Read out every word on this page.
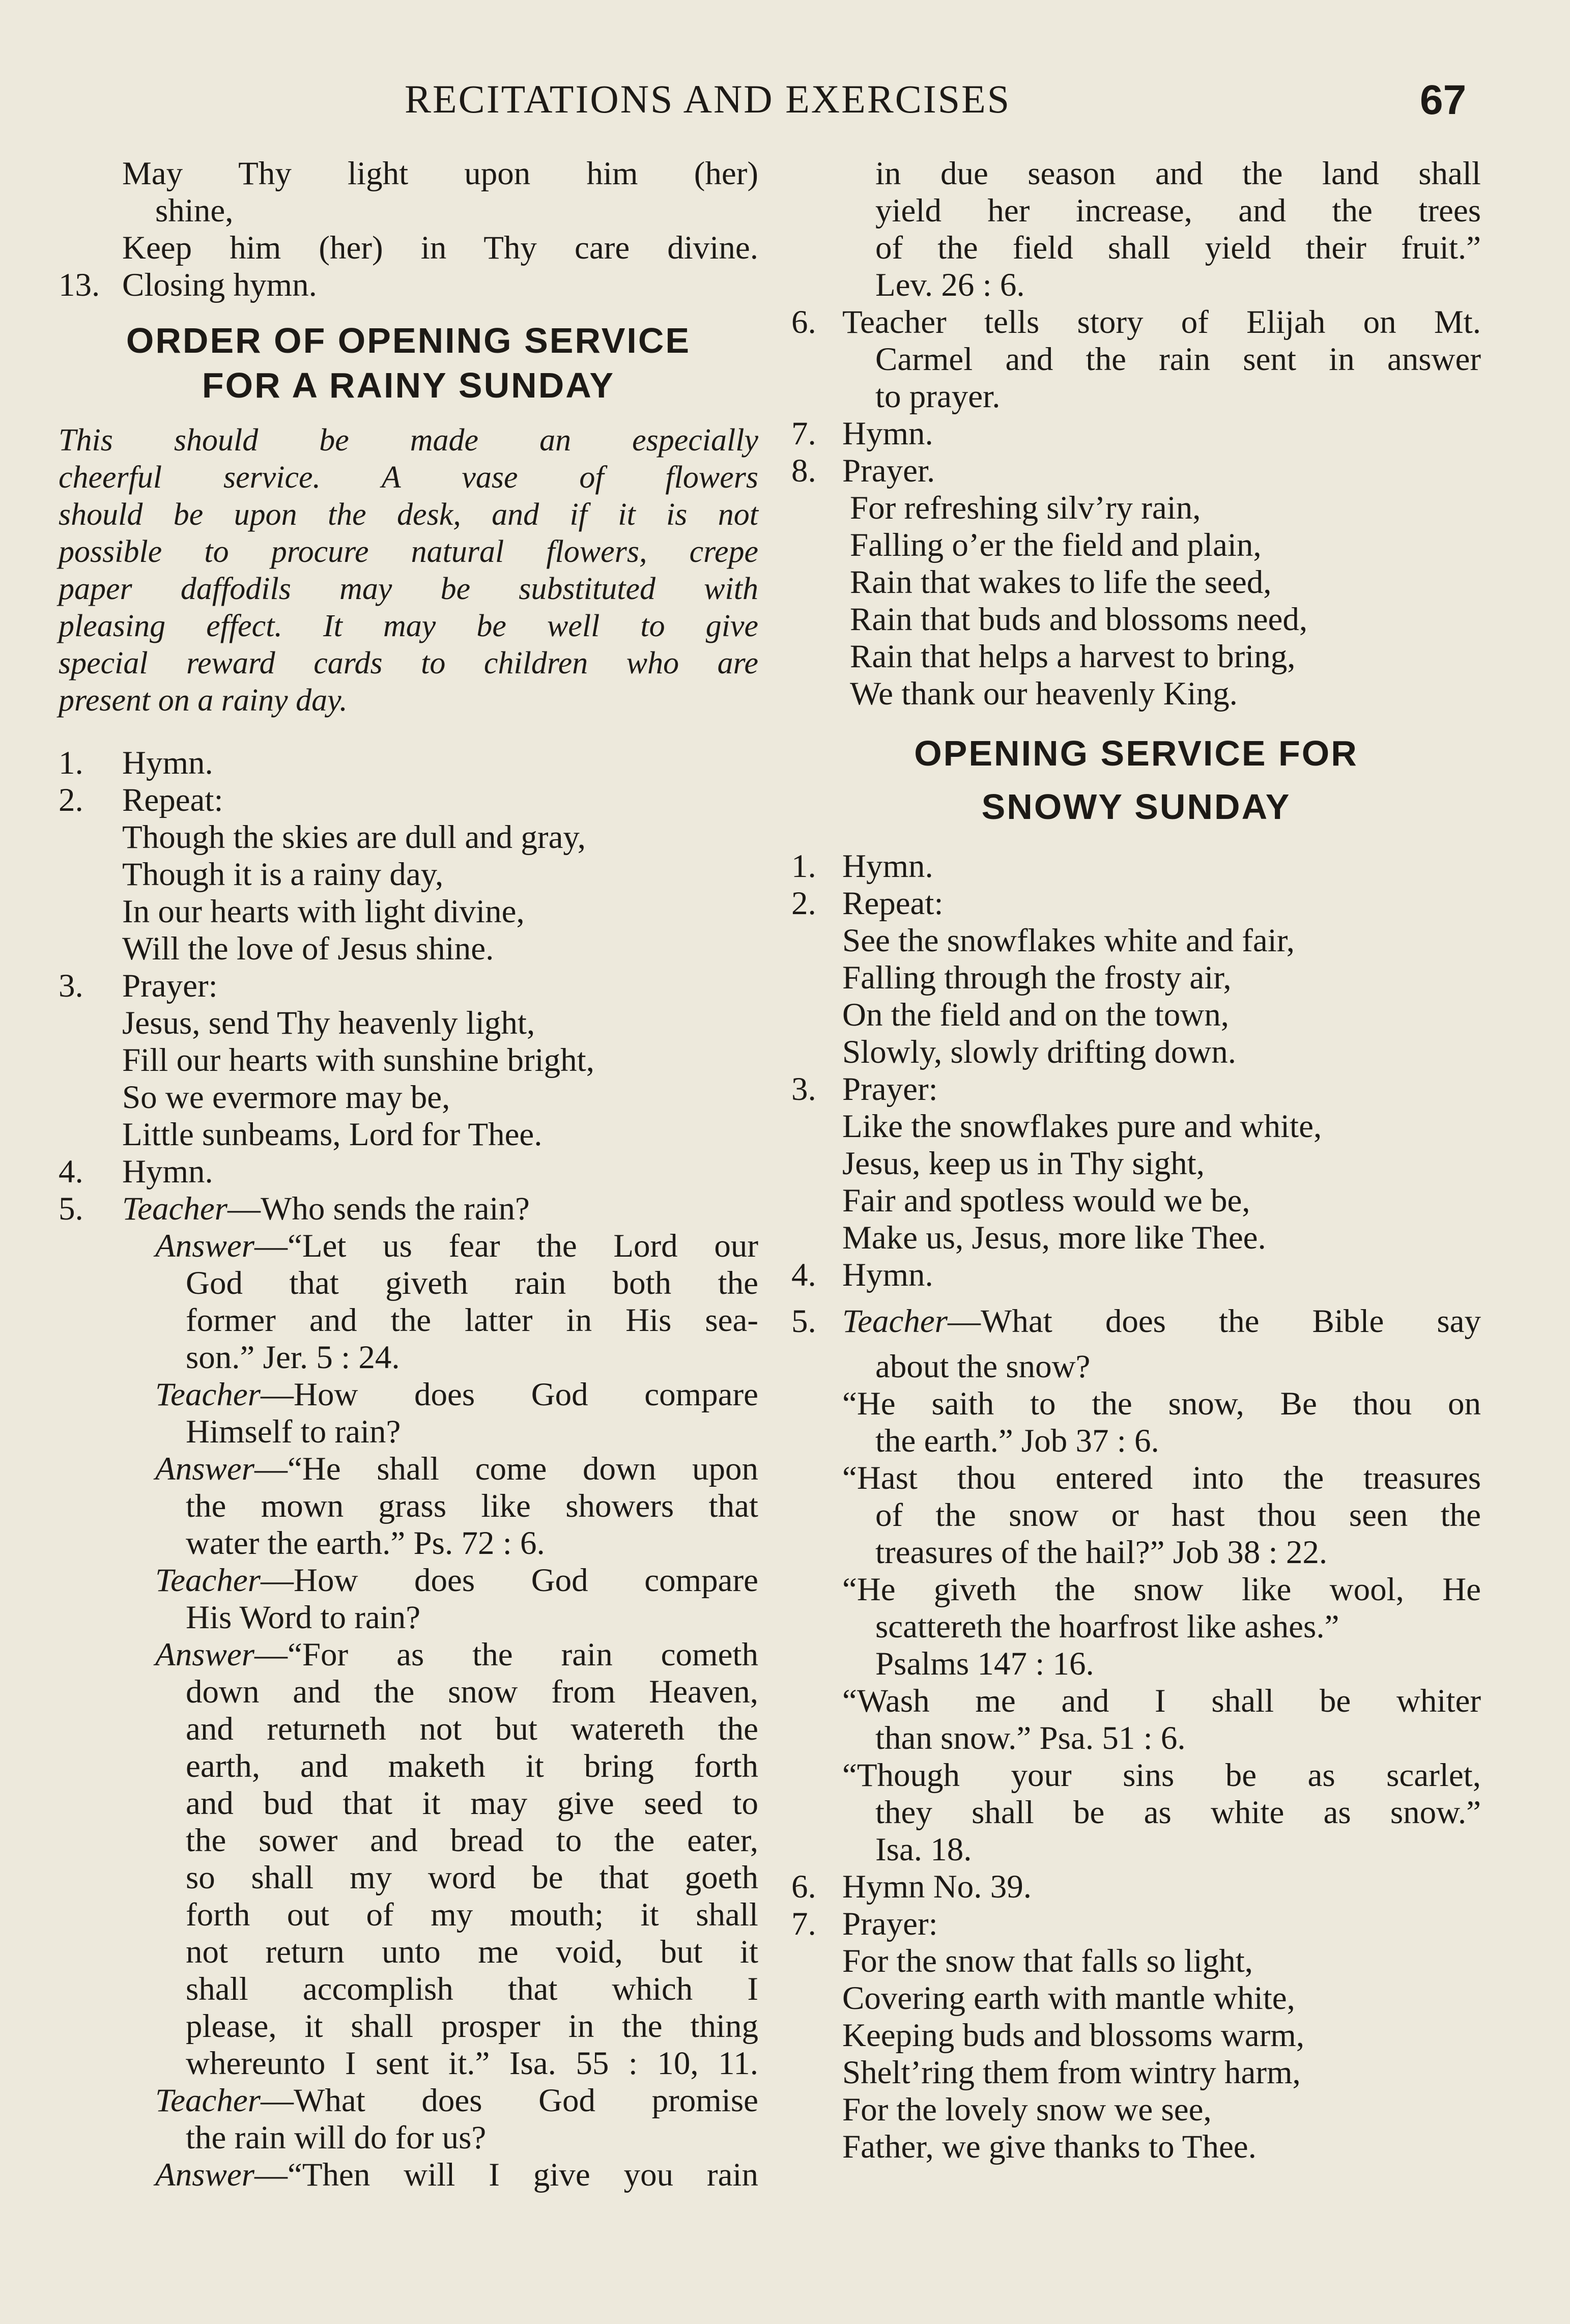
RECITATIONS AND EXERCISES	67

May Thy light upon him (her)

shine,

Keep him (her) in Thy care divine.

13. Closing hymn.
ORDER OF OPENING SERVICE
FOR A RAINY SUNDAY

This should be made an especially

cheerful service. A vase of flowers

should be upon the desk, and if it is not

possible to procure natural flowers, crepe

paper daffodils may be substituted with

pleasing effect. It may be well to give

special reward cards to children who are

present on a rainy day.

1. Hymn.
2. Repeat:

Though the skies are dull and gray,

Though it is a rainy day,

In our hearts with light divine,

Will the love of Jesus shine.

3. Prayer:

Jesus, send Thy heavenly light,

Fill our hearts with sunshine bright,

So we evermore may be,

Little sunbeams, Lord for Thee.

4. Hymn.
5. Teacher—Who sends the rain?

Answer—“Let us fear the Lord our

God that giveth rain both the

former and the latter in His sea-

son.” Jer. 5 : 24.

Teacher—How does God compare

Himself to rain?

Answer—“He shall come down upon

the mown grass like showers that

water the earth.” Ps. 72 : 6.

Teacher—How does God compare

His Word to rain?

Answer—“For as the rain cometh

down and the snow from Heaven,

and returneth not but watereth the

earth, and maketh it bring forth

and bud that it may give seed to

the sower and bread to the eater,

so shall my word be that goeth

forth out of my mouth; it shall

not return unto me void, but it

shall accomplish that which I

please, it shall prosper in the thing

whereunto I sent it.” Isa. 55 : 10, 11.

Teacher—What does God promise

the rain will do for us?

Answer—“Then will I give you rain

in due season and the land shall

yield her increase, and the trees

of the field shall yield their fruit.”

Lev. 26 : 6.

6. Teacher tells story of Elijah on Mt.

Carmel and the rain sent in answer

to prayer.

7. Hymn.
8. Prayer.

For refreshing silv’ry rain,

Falling o’er the field and plain,

Rain that wakes to life the seed,

Rain that buds and blossoms need,

Rain that helps a harvest to bring,

We thank our heavenly King.

OPENING SERVICE FOR
SNOWY SUNDAY
1. Hymn.
2. Repeat:

See the snowflakes white and fair,

Falling through the frosty air,

On the field and on the town,

Slowly, slowly drifting down.

3. Prayer:

Like the snowflakes pure and white,

Jesus, keep us in Thy sight,

Fair and spotless would we be,

Make us, Jesus, more like Thee.

4. Hymn.
5. Teacher—What does the Bible say

about the snow?

“He saith to the snow, Be thou on

the earth.” Job 37 : 6.

“Hast thou entered into the treasures

of the snow or hast thou seen the

treasures of the hail?” Job 38 : 22.

“He giveth the snow like wool, He

scattereth the hoarfrost like ashes.”

Psalms 147 : 16.

“Wash me and I shall be whiter

than snow.” Psa. 51 : 6.

“Though your sins be as scarlet,

they shall be as white as snow.”

Isa. 18.

6. Hymn No. 39.
7. Prayer:

For the snow that falls so light,

Covering earth with mantle white,

Keeping buds and blossoms warm,

Shelt’ring them from wintry harm,

For the lovely snow we see,

Father, we give thanks to Thee.
